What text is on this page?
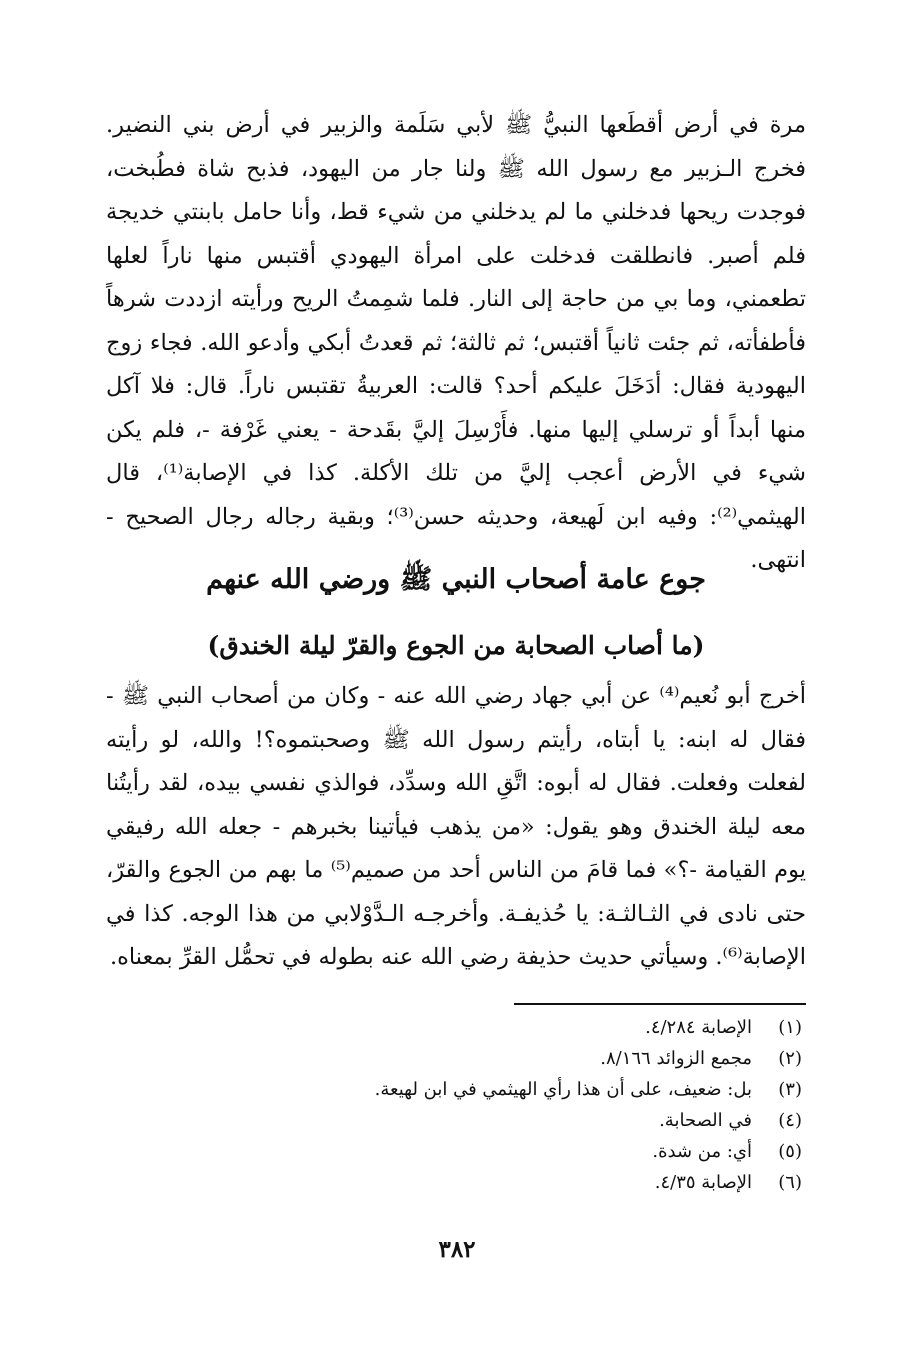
مرة في أرض أقطَعها النبيُّ ﷺ لأبي سَلَمة والزبير في أرض بني النضير. فخرج الـزبير مع رسول الله ﷺ ولنا جار من اليهود، فذبح شاة فطُبخت، فوجدت ريحها فدخلني ما لم يدخلني من شيء قط، وأنا حامل بابنتي خديجة فلم أصبر. فانطلقت فدخلت على امرأة اليهودي أقتبس منها ناراً لعلها تطعمني، وما بي من حاجة إلى النار. فلما شمِمتُ الريح ورأيته ازددت شرهاً فأطفأته، ثم جئت ثانياً أقتبس؛ ثم ثالثة؛ ثم قعدتُ أبكي وأدعو الله. فجاء زوج اليهودية فقال: أدَخَلَ عليكم أحد؟ قالت: العربيةُ تقتبس ناراً. قال: فلا آكل منها أبداً أو ترسلي إليها منها. فأَرْسِلَ إليَّ بقَدحة - يعني غَرْفة -، فلم يكن شيء في الأرض أعجب إليَّ من تلك الأكلة. كذا في الإصابة⁽¹⁾، قال الهيثمي⁽²⁾: وفيه ابن لَهيعة، وحديثه حسن⁽³⁾؛ وبقية رجاله رجال الصحيح - انتهى.

جوع عامة أصحاب النبي ﷺ ورضي الله عنهم
(ما أصاب الصحابة من الجوع والقرّ ليلة الخندق)
أخرج أبو نُعيم⁽⁴⁾ عن أبي جهاد رضي الله عنه - وكان من أصحاب النبي ﷺ - فقال له ابنه: يا أبتاه، رأيتم رسول الله ﷺ وصحبتموه؟! والله، لو رأيته لفعلت وفعلت. فقال له أبوه: اتَّقِ الله وسدِّد، فوالذي نفسي بيده، لقد رأيتُنا معه ليلة الخندق وهو يقول: «من يذهب فيأتينا بخبرهم - جعله الله رفيقي يوم القيامة -؟» فما قامَ من الناس أحد من صميم⁽⁵⁾ ما بهم من الجوع والقرّ، حتى نادى في الثـالثـة: يا حُذيفـة. وأخرجـه الـدَّوْلابي من هذا الوجه. كذا في الإصابة⁽⁶⁾. وسيأتي حديث حذيفة رضي الله عنه بطوله في تحمُّل القرِّ بمعناه.
(١)
الإصابة ٤/٢٨٤.
(٢)
مجمع الزوائد ٨/١٦٦.
(٣)
بل: ضعيف، على أن هذا رأي الهيثمي في ابن لهيعة.
(٤)
في الصحابة.
(٥)
أي: من شدة.
(٦)
الإصابة ٤/٣٥.
٣٨٢
